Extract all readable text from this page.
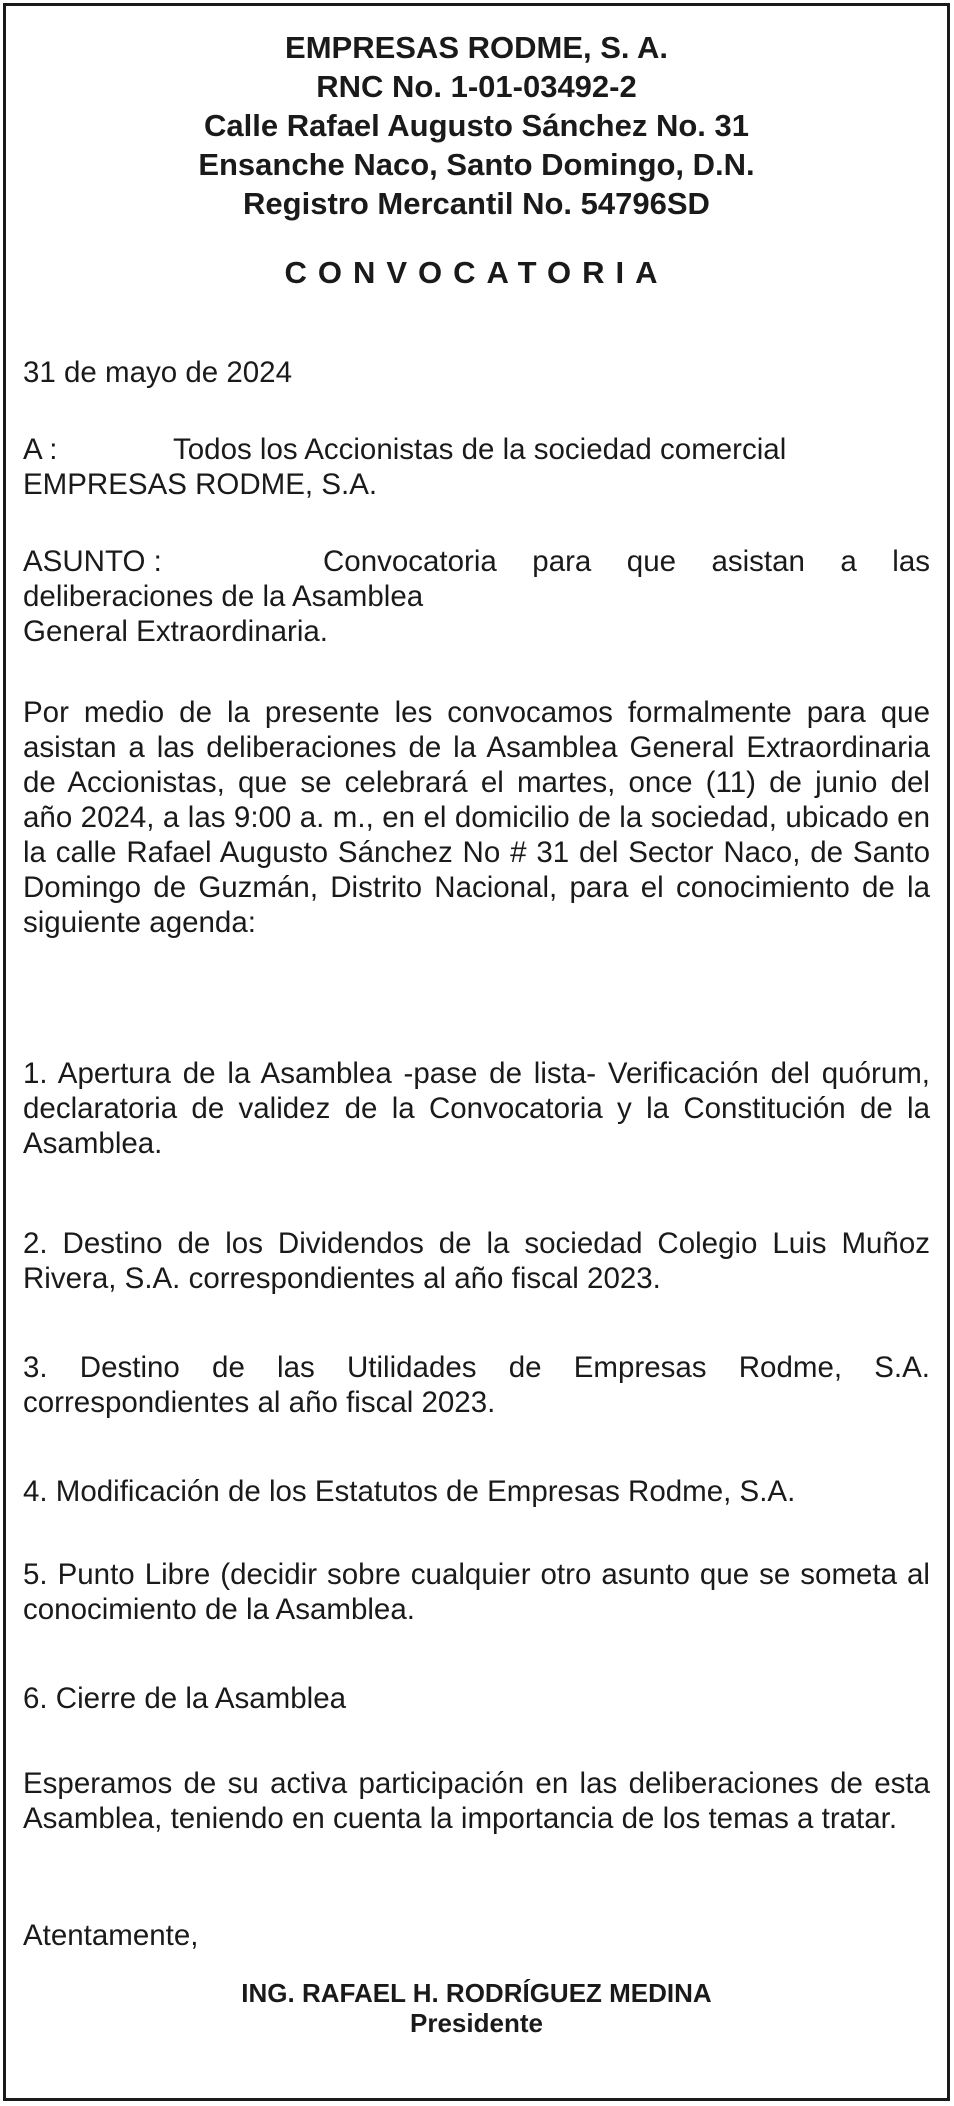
EMPRESAS RODME, S. A.
RNC No. 1-01-03492-2
Calle Rafael Augusto Sánchez No. 31
Ensanche Naco, Santo Domingo, D.N.
Registro Mercantil No. 54796SD
CONVOCATORIA

31 de mayo de 2024

A :	Todos los Accionistas de la sociedad comercial
EMPRESAS RODME, S.A.
ASUNTO :	Convocatoria para que asistan a las
deliberaciones de la Asamblea
General Extraordinaria.

Por medio de la presente les convocamos formalmente para que asistan a las deliberaciones de la Asamblea General Extraordinaria de Accionistas, que se celebrará el martes, once (11) de junio del año 2024, a las 9:00 a. m., en el domicilio de la sociedad, ubicado en la calle Rafael Augusto Sánchez No # 31 del Sector Naco, de Santo Domingo de Guzmán, Distrito Nacional, para el conocimiento de la siguiente agenda:

1. Apertura de la Asamblea -pase de lista- Verificación del quórum, declaratoria de validez de la Convocatoria y la Constitución de la Asamblea.

2. Destino de los Dividendos de la sociedad Colegio Luis Muñoz Rivera, S.A. correspondientes al año fiscal 2023.

3. Destino de las Utilidades de Empresas Rodme, S.A. correspondientes al año fiscal 2023.

4. Modificación de los Estatutos de Empresas Rodme, S.A.

5. Punto Libre (decidir sobre cualquier otro asunto que se someta al conocimiento de la Asamblea.

6. Cierre de la Asamblea

Esperamos de su activa participación en las deliberaciones de esta Asamblea, teniendo en cuenta la importancia de los temas a tratar.

Atentamente,

ING. RAFAEL H. RODRÍGUEZ MEDINA
Presidente
